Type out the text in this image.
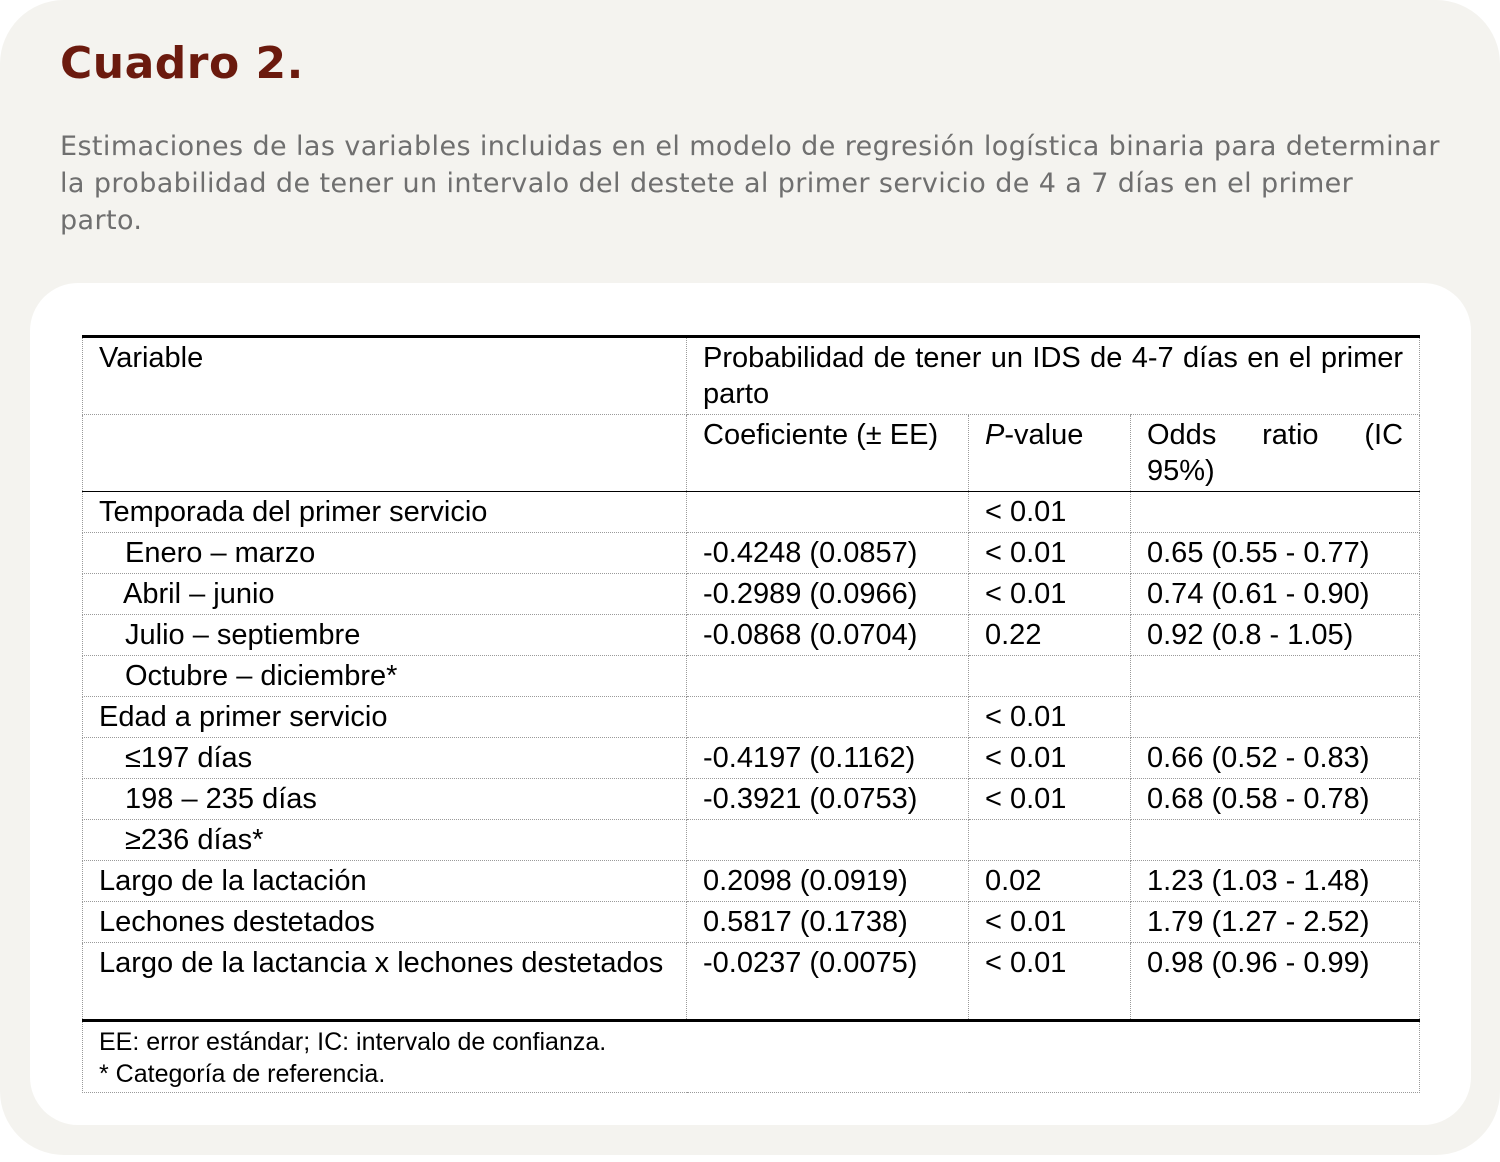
Cuadro 2.

Estimaciones de las variables incluidas en el modelo de regresión logística binaria para determinar la probabilidad de tener un intervalo del destete al primer servicio de 4 a 7 días en el primer parto.

Variable	Probabilidad de tener un IDS de 4-7 días en el primer parto		
	Coeficiente (± EE)	P-value	Odds ratio (IC 95%)
Temporada del primer servicio		< 0.01	
Enero – marzo	-0.4248 (0.0857)	< 0.01	0.65 (0.55 - 0.77)
Abril – junio	-0.2989 (0.0966)	< 0.01	0.74 (0.61 - 0.90)
Julio – septiembre	-0.0868 (0.0704)	0.22	0.92 (0.8 - 1.05)
Octubre – diciembre*			
Edad a primer servicio		< 0.01	
≤197 días	-0.4197 (0.1162)	< 0.01	0.66 (0.52 - 0.83)
198 – 235 días	-0.3921 (0.0753)	< 0.01	0.68 (0.58 - 0.78)
≥236 días*			
Largo de la lactación	0.2098 (0.0919)	0.02	1.23 (1.03 - 1.48)
Lechones destetados	0.5817 (0.1738)	< 0.01	1.79 (1.27 - 2.52)
Largo de la lactancia x lechones destetados	-0.0237 (0.0075)	< 0.01	0.98 (0.96 - 0.99)

EE: error estándar; IC: intervalo de confianza.
* Categoría de referencia.			
